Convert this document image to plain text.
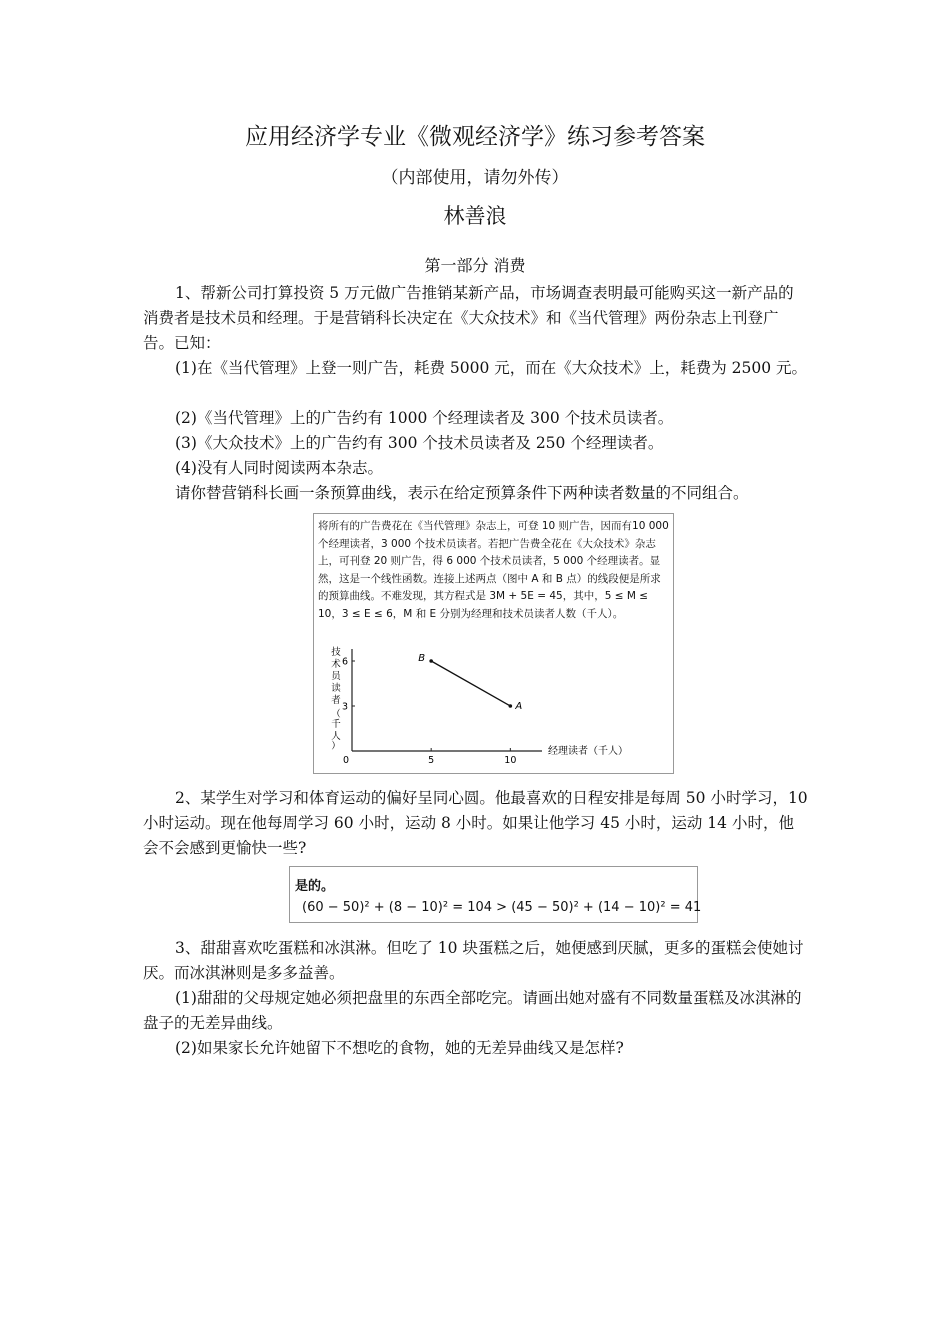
应用经济学专业《微观经济学》练习参考答案
（内部使用，请勿外传）
林善浪
第一部分 消费
1、帮新公司打算投资 5 万元做广告推销某新产品，市场调查表明最可能购买这一新产品的消费者是技术员和经理。于是营销科长决定在《大众技术》和《当代管理》两份杂志上刊登广告。已知：
(1)在《当代管理》上登一则广告，耗费 5000 元，而在《大众技术》上，耗费为 2500 元。
(2)《当代管理》上的广告约有 1000 个经理读者及 300 个技术员读者。
(3)《大众技术》上的广告约有 300 个技术员读者及 250 个经理读者。
(4)没有人同时阅读两本杂志。
请你替营销科长画一条预算曲线，表示在给定预算条件下两种读者数量的不同组合。
将所有的广告费花在《当代管理》杂志上，可登 10 则广告，因而有10 000个经理读者，3 000 个技术员读者。若把广告费全花在《大众技术》杂志上，可刊登 20 则广告，得 6 000 个技术员读者，5 000 个经理读者。显然，这是一个线性函数。连接上述两点（图中 A 和 B 点）的线段便是所求的预算曲线。不难发现，其方程式是 3M + 5E = 45，其中，5 ≤ M ≤ 10，3 ≤ E ≤ 6，M 和 E 分别为经理和技术员读者人数（千人）。
技
术
员
读
者
（
千
人
）	经理读者（千人）
0	5	10
3
6	B
A
2、某学生对学习和体育运动的偏好呈同心圆。他最喜欢的日程安排是每周 50 小时学习，10 小时运动。现在他每周学习 60 小时，运动 8 小时。如果让他学习 45 小时，运动 14 小时，他会不会感到更愉快一些?
是的。
(60 − 50)² + (8 − 10)² = 104 > (45 − 50)² + (14 − 10)² = 41
3、甜甜喜欢吃蛋糕和冰淇淋。但吃了 10 块蛋糕之后，她便感到厌腻，更多的蛋糕会使她讨厌。而冰淇淋则是多多益善。
(1)甜甜的父母规定她必须把盘里的东西全部吃完。请画出她对盛有不同数量蛋糕及冰淇淋的盘子的无差异曲线。
(2)如果家长允许她留下不想吃的食物，她的无差异曲线又是怎样?
